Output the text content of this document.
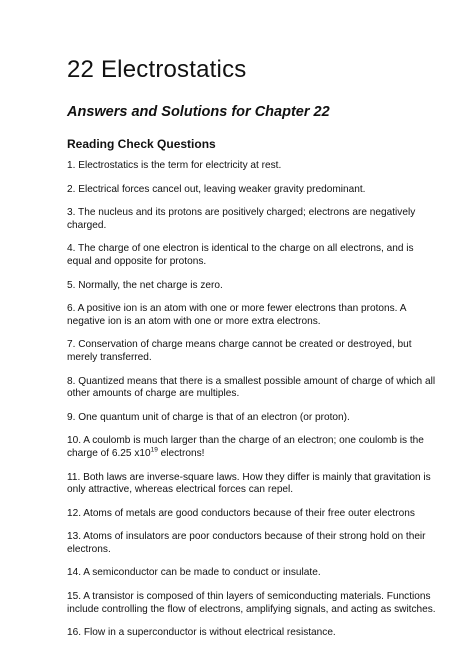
22 Electrostatics
Answers and Solutions for Chapter 22
Reading Check Questions
1. Electrostatics is the term for electricity at rest.
2. Electrical forces cancel out, leaving weaker gravity predominant.
3. The nucleus and its protons are positively charged; electrons are negatively charged.
4. The charge of one electron is identical to the charge on all electrons, and is equal and opposite for protons.
5. Normally, the net charge is zero.
6. A positive ion is an atom with one or more fewer electrons than protons. A negative ion is an atom with one or more extra electrons.
7. Conservation of charge means charge cannot be created or destroyed, but merely transferred.
8. Quantized means that there is a smallest possible amount of charge of which all other amounts of charge are multiples.
9. One quantum unit of charge is that of an electron (or proton).
10. A coulomb is much larger than the charge of an electron; one coulomb is the charge of 6.25 $x10^{19}$ electrons!
11. Both laws are inverse-square laws. How they differ is mainly that gravitation is only attractive, whereas electrical forces can repel.
12. Atoms of metals are good conductors because of their free outer electrons
13. Atoms of insulators are poor conductors because of their strong hold on their electrons.
14. A semiconductor can be made to conduct or insulate.
15. A transistor is composed of thin layers of semiconducting materials. Functions include controlling the flow of electrons, amplifying signals, and acting as switches.
16. Flow in a superconductor is without electrical resistance.
